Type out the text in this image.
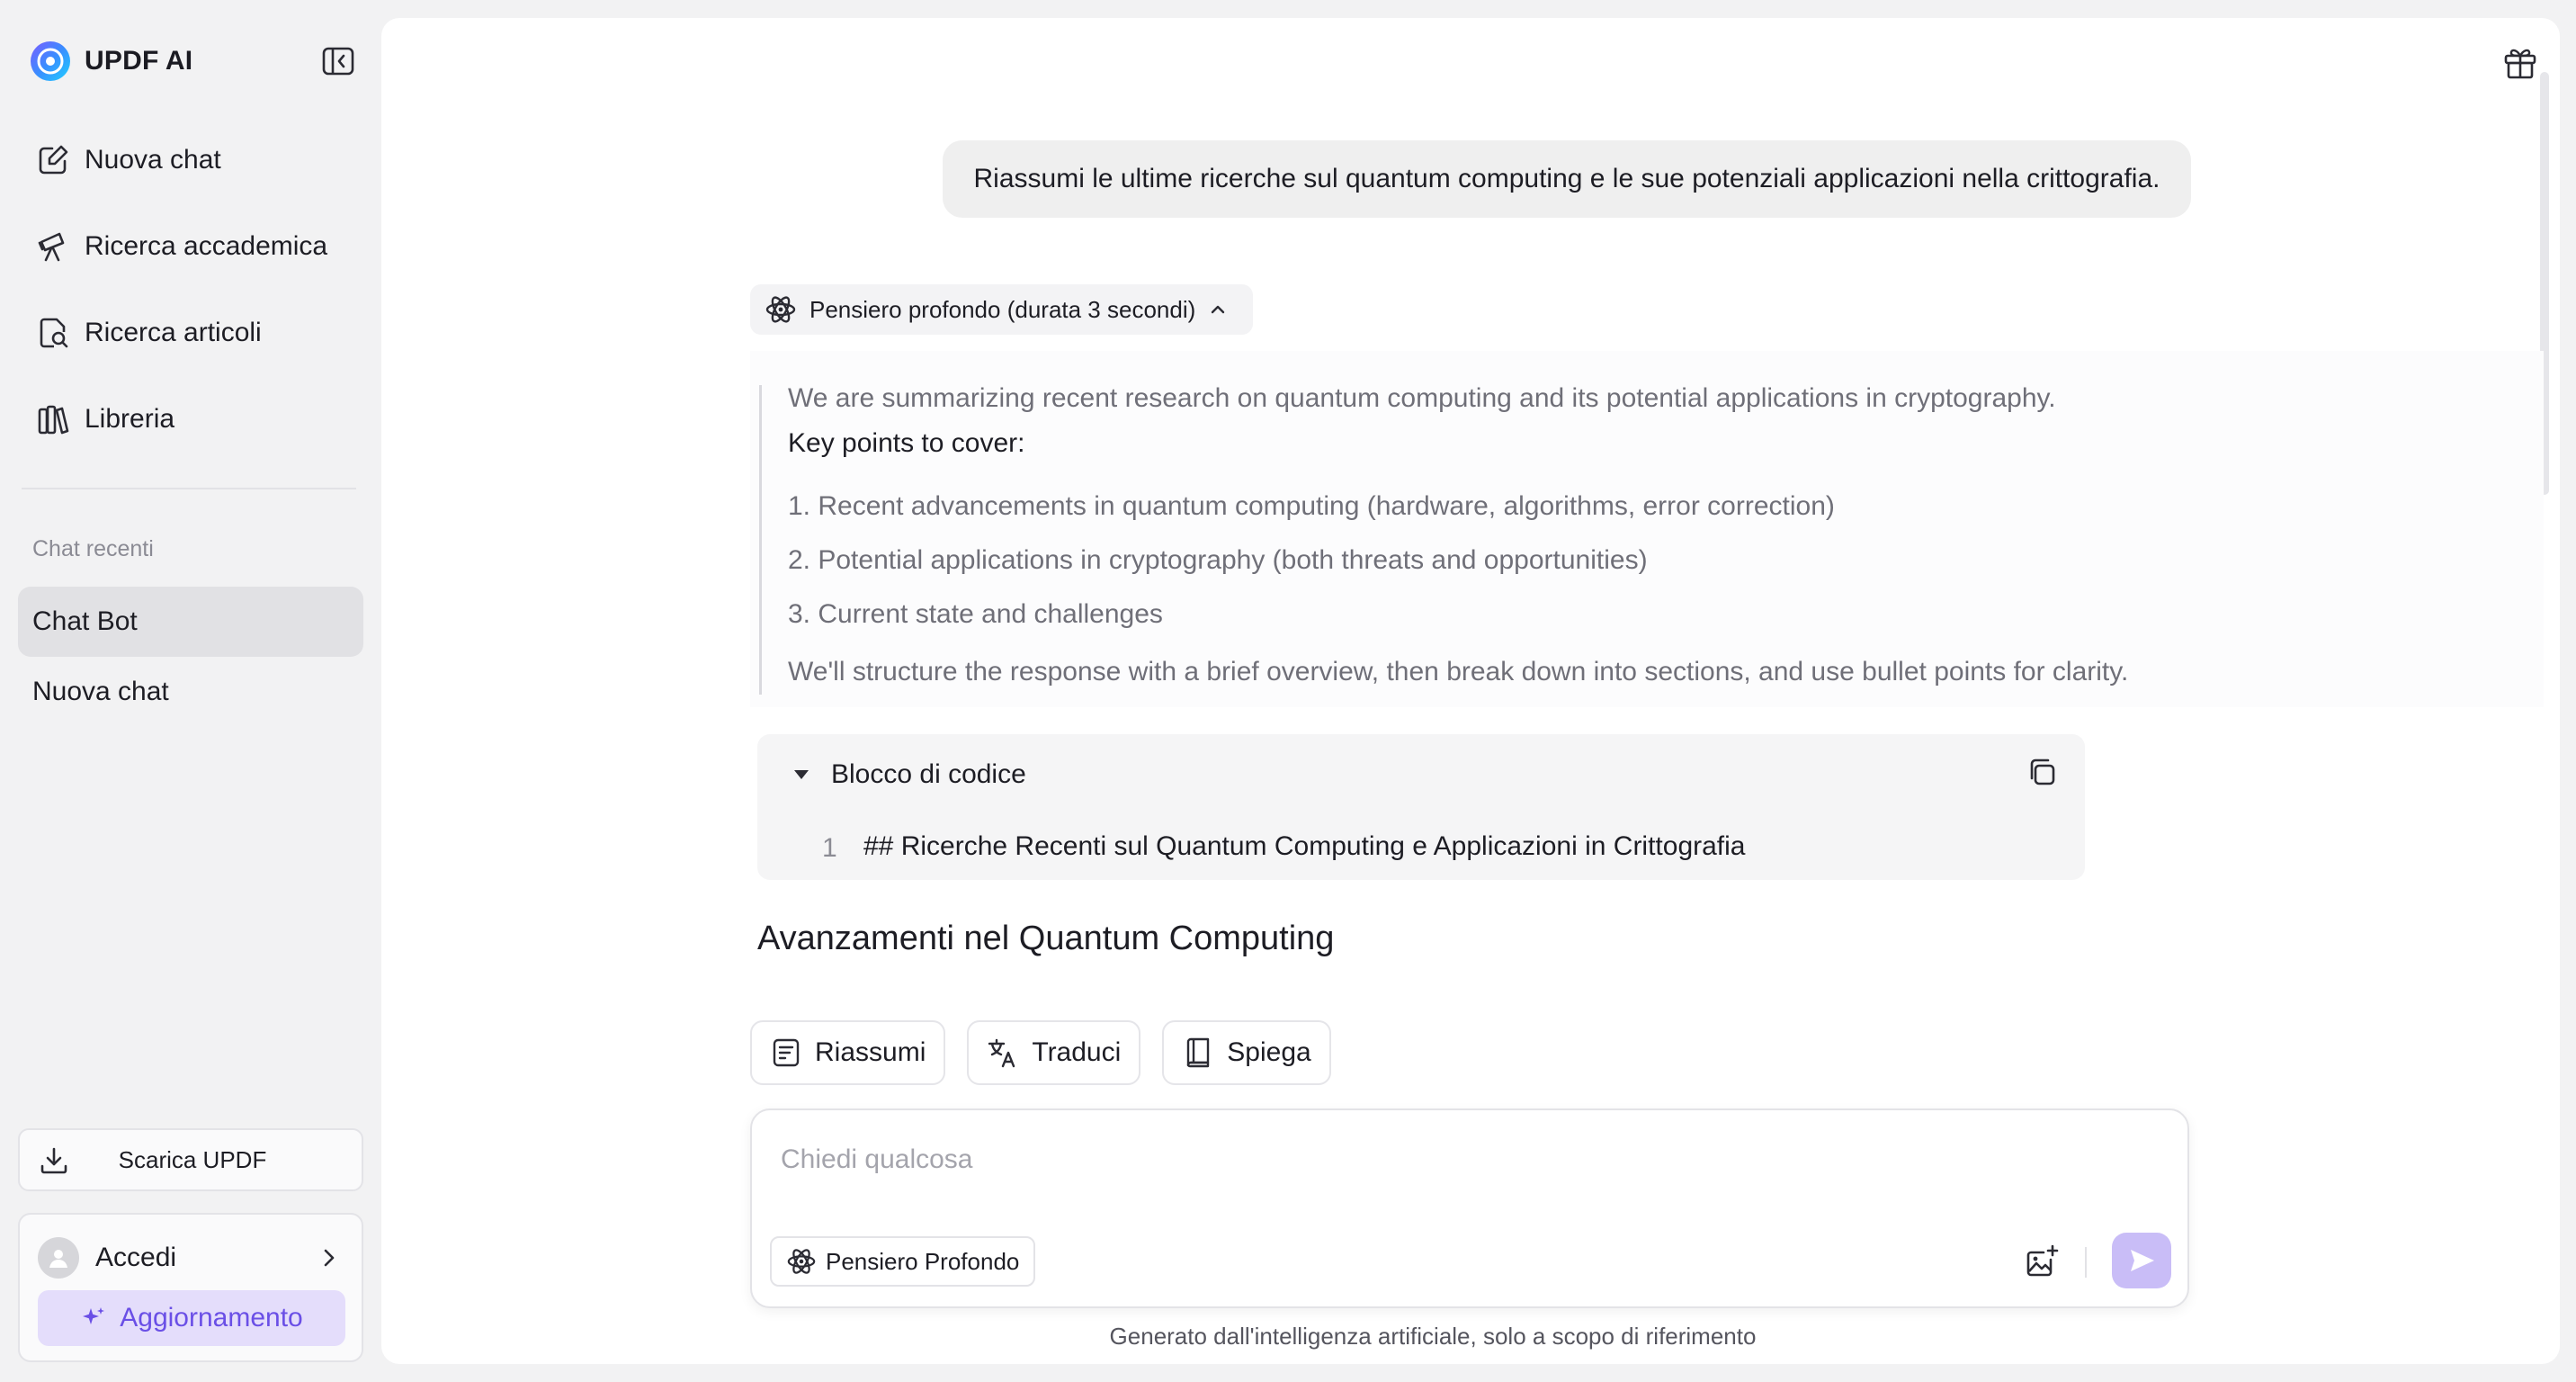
UPDF AI
Nuova chat
Ricerca accademica
Ricerca articoli
Libreria
Chat recenti
Chat Bot
Nuova chat
Scarica UPDF
Accedi
Aggiornamento
Riassumi le ultime ricerche sul quantum computing e le sue potenziali applicazioni nella crittografia.
Pensiero profondo (durata 3 secondi)
We are summarizing recent research on quantum computing and its potential applications in cryptography.
Key points to cover:
1. Recent advancements in quantum computing (hardware, algorithms, error correction)
2. Potential applications in cryptography (both threats and opportunities)
3. Current state and challenges
We'll structure the response with a brief overview, then break down into sections, and use bullet points for clarity.
Blocco di codice
1 ## Ricerche Recenti sul Quantum Computing e Applicazioni in Crittografia
Avanzamenti nel Quantum Computing
Riassumi	Traduci	Spiega
Chiedi qualcosa
Pensiero Profondo
Generato dall'intelligenza artificiale, solo a scopo di riferimento
